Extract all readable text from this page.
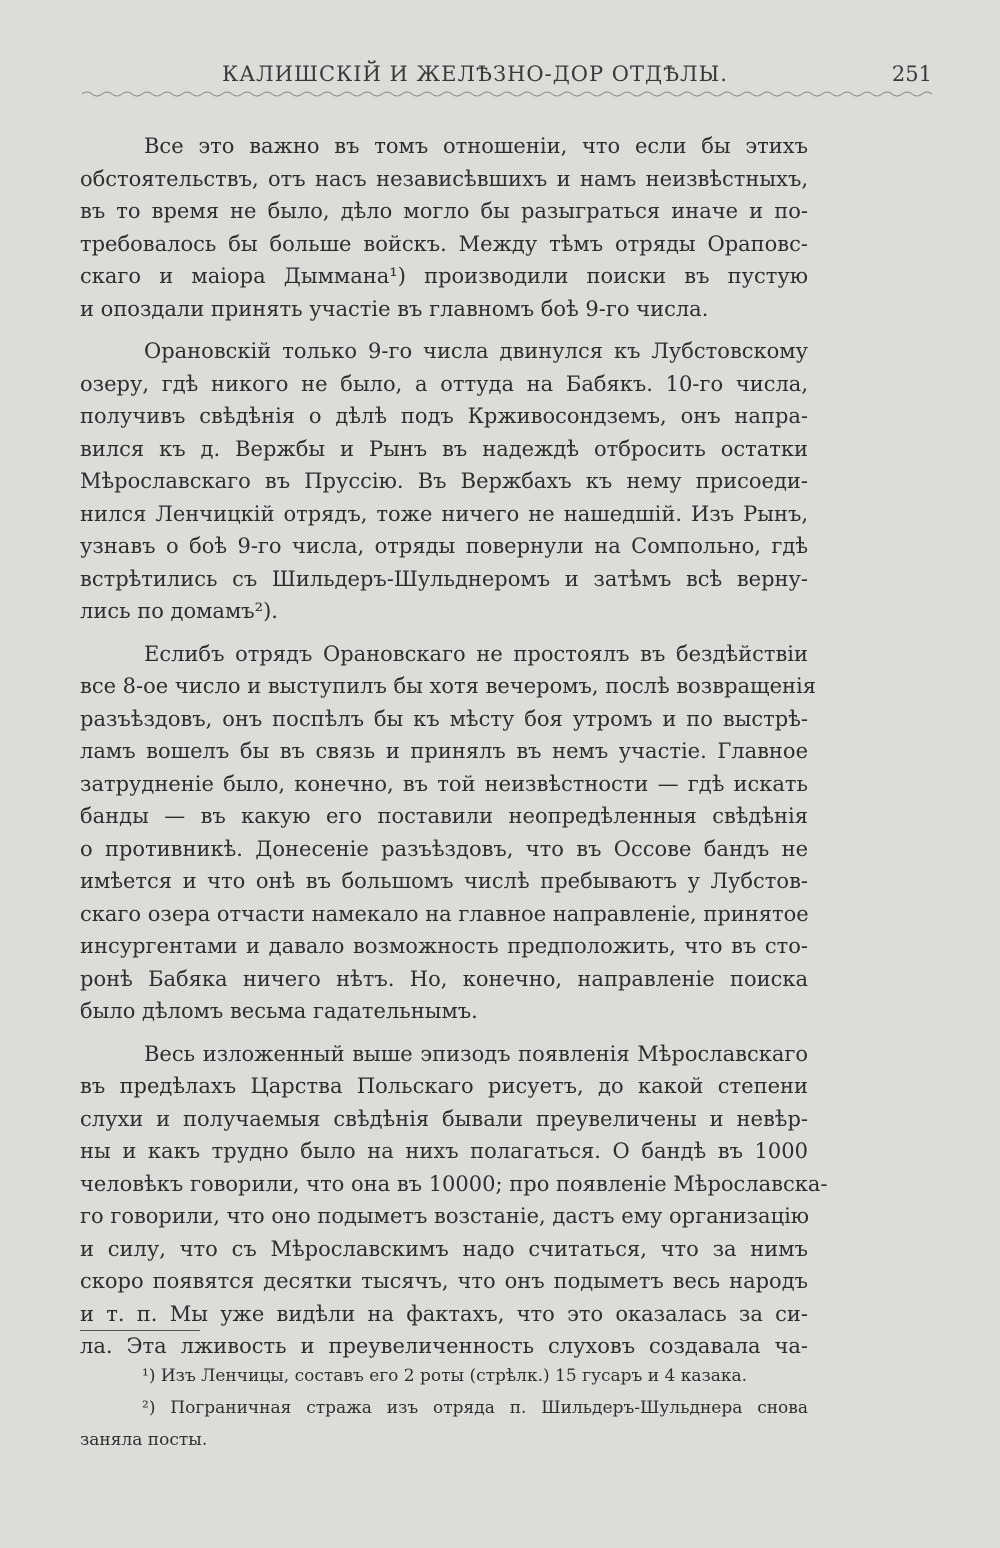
КАЛИШСКІЙ И ЖЕЛѢЗНО-ДОР ОТДѢЛЫ.	251
Все это важно въ томъ отношеніи, что если бы этихъ
обстоятельствъ, отъ насъ независѣвшихъ и намъ неизвѣстныхъ,
въ то время не было, дѣло могло бы разыграться иначе и по-
требовалось бы больше войскъ. Между тѣмъ отряды Ораповс-
скаго и маіора Дыммана¹) производили поиски въ пустую
и опоздали принять участіе въ главномъ боѣ 9-го числа.
Орановскій только 9-го числа двинулся къ Лубстовскому
озеру, гдѣ никого не было, а оттуда на Бабякъ. 10-го числа,
получивъ свѣдѣнія о дѣлѣ подъ Крживосондземъ, онъ напра-
вился къ д. Вержбы и Рынъ въ надеждѣ отбросить остатки
Мѣрославскаго въ Пруссію. Въ Вержбахъ къ нему присоеди-
нился Ленчицкій отрядъ, тоже ничего не нашедшій. Изъ Рынъ,
узнавъ о боѣ 9-го числа, отряды повернули на Сомпольно, гдѣ
встрѣтились съ Шильдеръ-Шульднеромъ и затѣмъ всѣ верну-
лись по домамъ²).
Еслибъ отрядъ Орановскаго не простоялъ въ бездѣйствіи
все 8-ое число и выступилъ бы хотя вечеромъ, послѣ возвращенія
разъѣздовъ, онъ поспѣлъ бы къ мѣсту боя утромъ и по выстрѣ-
ламъ вошелъ бы въ связь и принялъ въ немъ участіе. Главное
затрудненіе было, конечно, въ той неизвѣстности — гдѣ искать
банды — въ какую его поставили неопредѣленныя свѣдѣнія
о противникѣ. Донесеніе разъѣздовъ, что въ Оссове бандъ не
имѣется и что онѣ въ большомъ числѣ пребываютъ у Лубстов-
скаго озера отчасти намекало на главное направленіе, принятое
инсургентами и давало возможность предположить, что въ сто-
ронѣ Бабяка ничего нѣтъ. Но, конечно, направленіе поиска
было дѣломъ весьма гадательнымъ.
Весь изложенный выше эпизодъ появленія Мѣрославскаго
въ предѣлахъ Царства Польскаго рисуетъ, до какой степени
слухи и получаемыя свѣдѣнія бывали преувеличены и невѣр-
ны и какъ трудно было на нихъ полагаться. О бандѣ въ 1000
человѣкъ говорили, что она въ 10000; про появленіе Мѣрославска-
го говорили, что оно подыметъ возстаніе, дастъ ему организацію
и силу, что съ Мѣрославскимъ надо считаться, что за нимъ
скоро появятся десятки тысячъ, что онъ подыметъ весь народъ
и т. п. Мы уже видѣли на фактахъ, что это оказалась за си-
ла. Эта лживость и преувеличенность слуховъ создавала ча-
¹) Изъ Ленчицы, составъ его 2 роты (стрѣлк.) 15 гусаръ и 4 казака.
²) Пограничная стража изъ отряда п. Шильдеръ-Шульднера снова
заняла посты.
